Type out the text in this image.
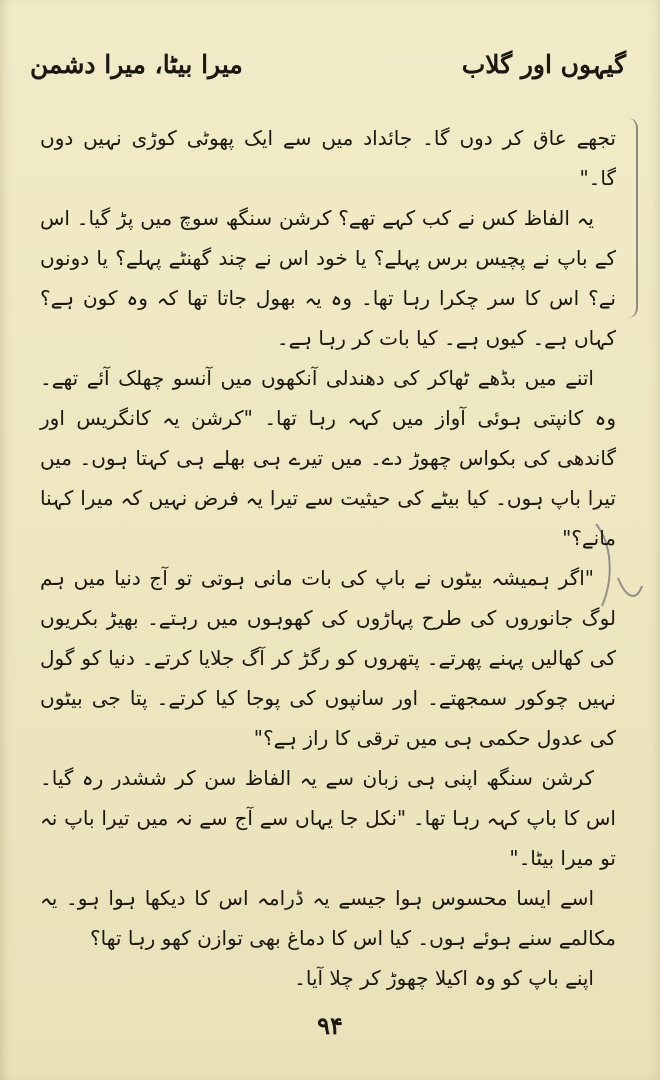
گیہوں اور گلاب
میرا بیٹا، میرا دشمن

تجھے عاق کر دوں گا۔ جائداد میں سے ایک پھوٹی کوڑی نہیں دوں گا۔"

یہ الفاظ کس نے کب کہے تھے؟ کرشن سنگھ سوچ میں پڑ گیا۔ اس کے باپ نے پچیس برس پہلے؟ یا خود اس نے چند گھنٹے پہلے؟ یا دونوں نے؟ اس کا سر چکرا رہا تھا۔ وہ یہ بھول جاتا تھا کہ وہ کون ہے؟ کہاں ہے۔ کیوں ہے۔ کیا بات کر رہا ہے۔

اتنے میں بڈھے ٹھاکر کی دھندلی آنکھوں میں آنسو چھلک آئے تھے۔ وہ کانپتی ہوئی آواز میں کہہ رہا تھا۔ "کرشن یہ کانگریس اور گاندھی کی بکواس چھوڑ دے۔ میں تیرے ہی بھلے ہی کہتا ہوں۔ میں تیرا باپ ہوں۔ کیا بیٹے کی حیثیت سے تیرا یہ فرض نہیں کہ میرا کہنا مانے؟"

"اگر ہمیشہ بیٹوں نے باپ کی بات مانی ہوتی تو آج دنیا میں ہم لوگ جانوروں کی طرح پہاڑوں کی کھوہوں میں رہتے۔ بھیڑ بکریوں کی کھالیں پہنے پھرتے۔ پتھروں کو رگڑ کر آگ جلایا کرتے۔ دنیا کو گول نہیں چوکور سمجھتے۔ اور سانپوں کی پوجا کیا کرتے۔ پتا جی بیٹوں کی عدول حکمی ہی میں ترقی کا راز ہے؟"

کرشن سنگھ اپنی ہی زبان سے یہ الفاظ سن کر ششدر رہ گیا۔ اس کا باپ کہہ رہا تھا۔ "نکل جا یہاں سے آج سے نہ میں تیرا باپ نہ تو میرا بیٹا۔"

اسے ایسا محسوس ہوا جیسے یہ ڈرامہ اس کا دیکھا ہوا ہو۔ یہ مکالمے سنے ہوئے ہوں۔ کیا اس کا دماغ بھی توازن کھو رہا تھا؟

اپنے باپ کو وہ اکیلا چھوڑ کر چلا آیا۔

۹۴
